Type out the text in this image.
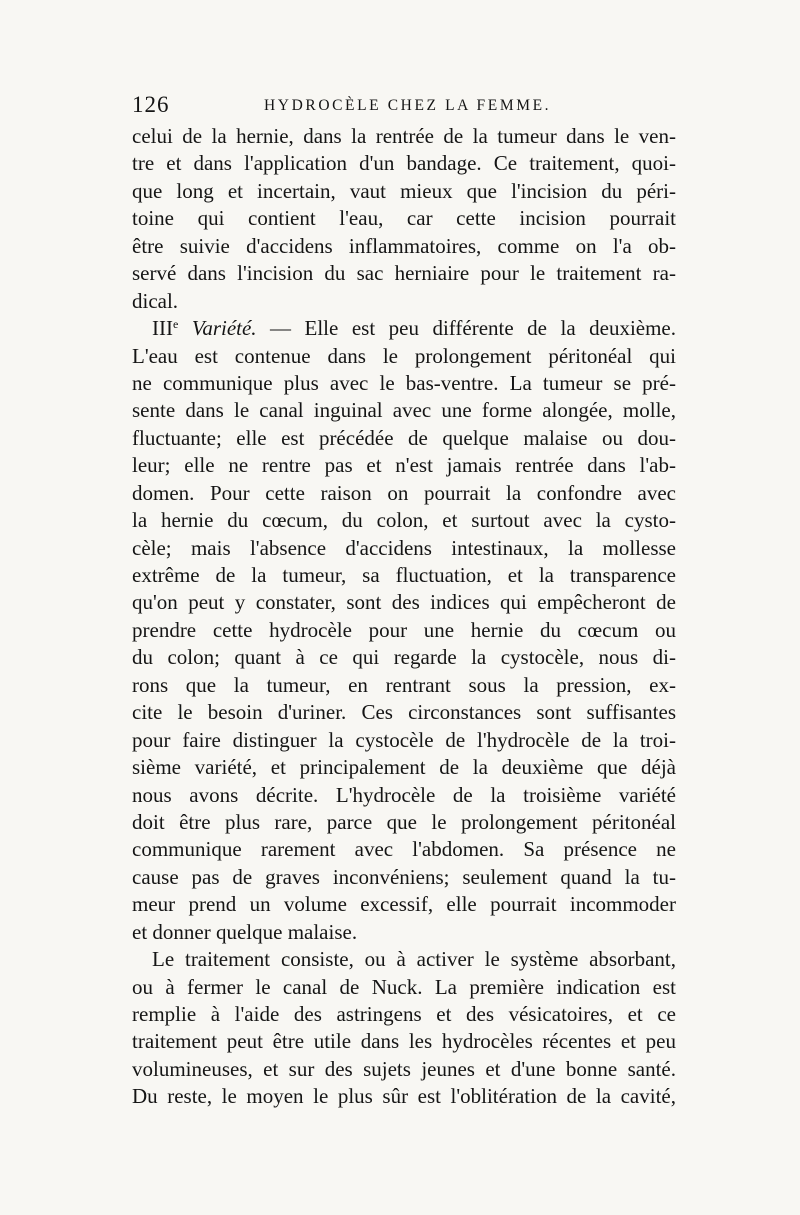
126	HYDROCÈLE CHEZ LA FEMME.
celui de la hernie, dans la rentrée de la tumeur dans le ven-
tre et dans l'application d'un bandage. Ce traitement, quoi-
que long et incertain, vaut mieux que l'incision du péri-
toine qui contient l'eau, car cette incision pourrait
être suivie d'accidens inflammatoires, comme on l'a ob-
servé dans l'incision du sac herniaire pour le traitement ra-
dical.
IIIe Variété. — Elle est peu différente de la deuxième.
L'eau est contenue dans le prolongement péritonéal qui
ne communique plus avec le bas-ventre. La tumeur se pré-
sente dans le canal inguinal avec une forme alongée, molle,
fluctuante; elle est précédée de quelque malaise ou dou-
leur; elle ne rentre pas et n'est jamais rentrée dans l'ab-
domen. Pour cette raison on pourrait la confondre avec
la hernie du cœcum, du colon, et surtout avec la cysto-
cèle; mais l'absence d'accidens intestinaux, la mollesse
extrême de la tumeur, sa fluctuation, et la transparence
qu'on peut y constater, sont des indices qui empêcheront de
prendre cette hydrocèle pour une hernie du cœcum ou
du colon; quant à ce qui regarde la cystocèle, nous di-
rons que la tumeur, en rentrant sous la pression, ex-
cite le besoin d'uriner. Ces circonstances sont suffisantes
pour faire distinguer la cystocèle de l'hydrocèle de la troi-
sième variété, et principalement de la deuxième que déjà
nous avons décrite. L'hydrocèle de la troisième variété
doit être plus rare, parce que le prolongement péritonéal
communique rarement avec l'abdomen. Sa présence ne
cause pas de graves inconvéniens; seulement quand la tu-
meur prend un volume excessif, elle pourrait incommoder
et donner quelque malaise.
Le traitement consiste, ou à activer le système absorbant,
ou à fermer le canal de Nuck. La première indication est
remplie à l'aide des astringens et des vésicatoires, et ce
traitement peut être utile dans les hydrocèles récentes et peu
volumineuses, et sur des sujets jeunes et d'une bonne santé.
Du reste, le moyen le plus sûr est l'oblitération de la cavité,
